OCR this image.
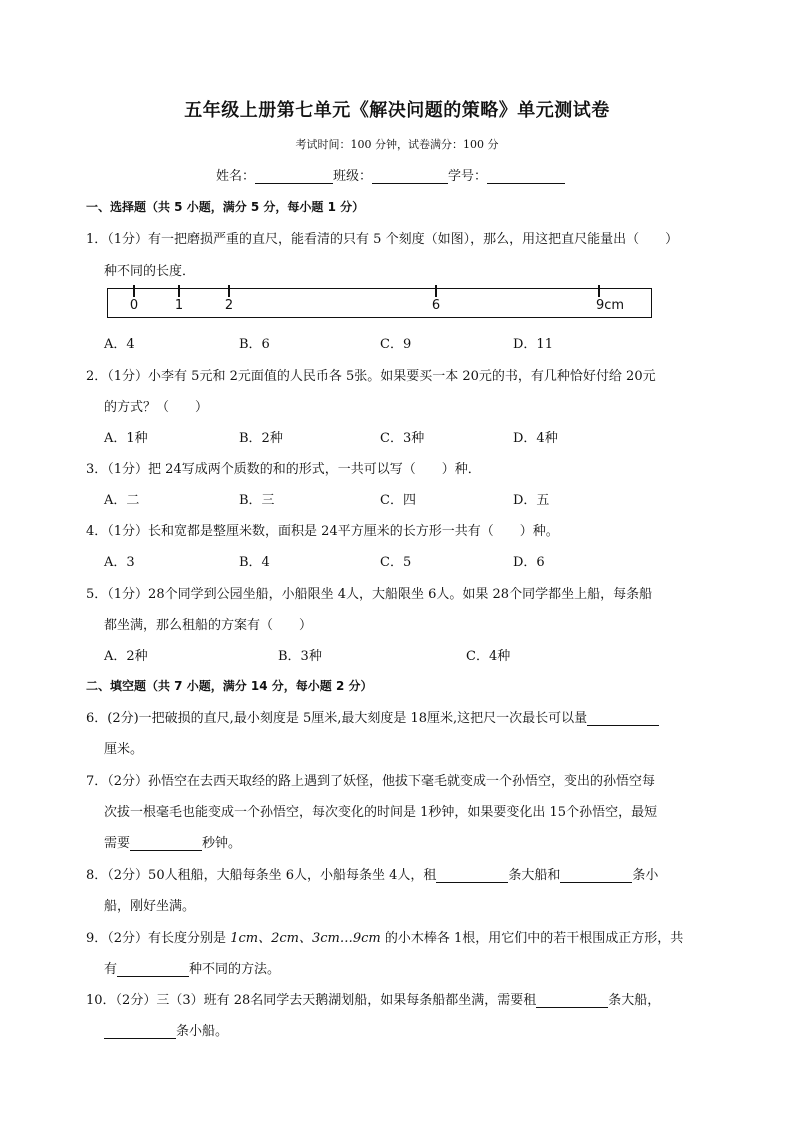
五年级上册第七单元《解决问题的策略》单元测试卷
考试时间：100 分钟，试卷满分：100 分
姓名：	班级：	学号：
一、选择题（共 5 小题，满分 5 分，每小题 1 分）
1．（1分）有一把磨损严重的直尺，能看清的只有 5 个刻度（如图），那么，用这把直尺能量出（　　）
种不同的长度．
0	1	2	6	9cm
A．4	B．6	C．9	D．11
2．（1分）小李有 5元和 2元面值的人民币各 5张。如果要买一本 20元的书，有几种恰好付给 20元
的方式？（　　）
A．1种	B．2种	C．3种	D．4种
3．（1分）把 24写成两个质数的和的形式，一共可以写（　　）种．
A．二	B．三	C．四	D．五
4．（1分）长和宽都是整厘米数，面积是 24平方厘米的长方形一共有（　　）种。
A．3	B．4	C．5	D．6
5．（1分）28个同学到公园坐船，小船限坐 4人，大船限坐 6人。如果 28个同学都坐上船，每条船
都坐满，那么租船的方案有（　　）
A．2种	B．3种	C．4种
二、填空题（共 7 小题，满分 14 分，每小题 2 分）
6．(2分)一把破损的直尺,最小刻度是 5厘米,最大刻度是 18厘米,这把尺一次最长可以量
厘米。
7．（2分）孙悟空在去西天取经的路上遇到了妖怪，他拔下毫毛就变成一个孙悟空，变出的孙悟空每
次拔一根毫毛也能变成一个孙悟空，每次变化的时间是 1秒钟，如果要变化出 15个孙悟空，最短
需要	秒钟。
8．（2分）50人租船，大船每条坐 6人，小船每条坐 4人，租	条大船和	条小
船，刚好坐满。
9．（2分）有长度分别是 1cm、2cm、3cm…9cm 的小木棒各 1根，用它们中的若干根围成正方形，共
有	种不同的方法。
10．（2分）三（3）班有 28名同学去天鹅湖划船，如果每条船都坐满，需要租	条大船，
条小船。
